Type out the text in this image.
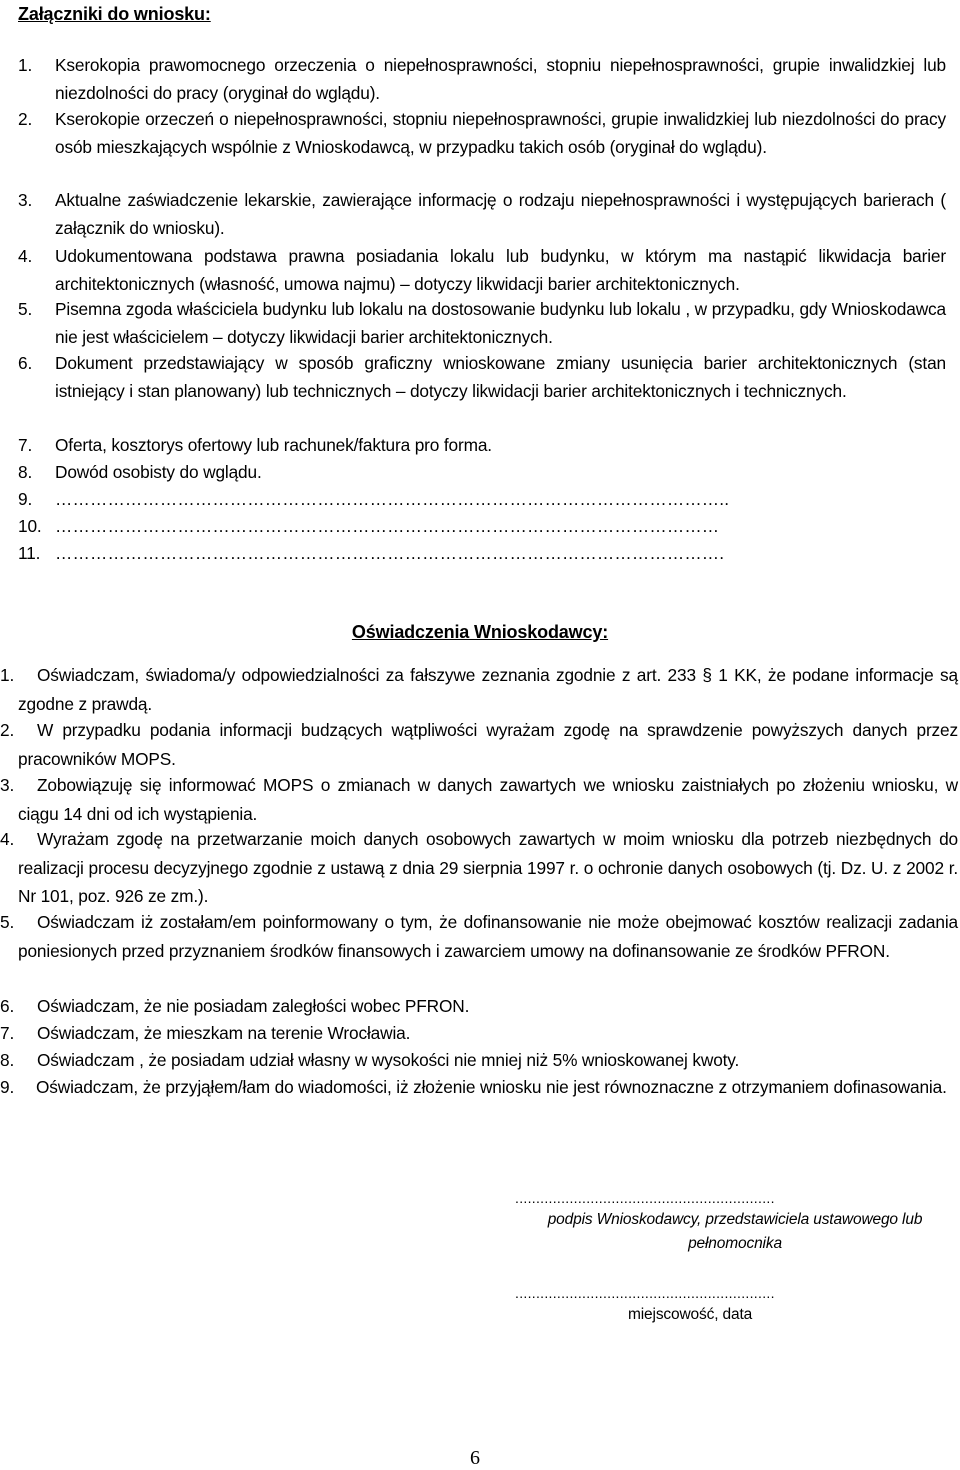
Załączniki do wniosku:
1.	Kserokopia prawomocnego orzeczenia o niepełnosprawności, stopniu niepełnosprawności, grupie inwalidzkiej lub niezdolności do pracy (oryginał do wglądu).
2.	Kserokopie orzeczeń o niepełnosprawności, stopniu niepełnosprawności, grupie inwalidzkiej lub niezdolności do pracy osób mieszkających wspólnie z Wnioskodawcą, w przypadku takich osób (oryginał do wglądu).
3.	Aktualne zaświadczenie lekarskie, zawierające informację o rodzaju niepełnosprawności i występujących barierach ( załącznik do wniosku).
4.	Udokumentowana podstawa prawna posiadania lokalu lub budynku, w którym ma nastąpić likwidacja barier architektonicznych (własność, umowa najmu) – dotyczy likwidacji barier architektonicznych.
5.	Pisemna zgoda właściciela budynku lub lokalu na dostosowanie budynku lub lokalu , w przypadku, gdy Wnioskodawca nie jest właścicielem – dotyczy likwidacji barier architektonicznych.
6.	Dokument przedstawiający w sposób graficzny wnioskowane zmiany usunięcia barier architektonicznych (stan istniejący i stan planowany) lub technicznych – dotyczy likwidacji barier architektonicznych i technicznych.
7.	Oferta, kosztorys ofertowy lub rachunek/faktura pro forma.
8.	Dowód osobisty do wglądu.
9.	……………………………………………………………………………………………………..
10. ……………………………………………………………………………………………………
11. …………………………………………………………………………………………………….
Oświadczenia Wnioskodawcy:
1.	Oświadczam, świadoma/y odpowiedzialności za fałszywe zeznania zgodnie z art. 233 § 1 KK, że podane informacje są zgodne z prawdą.
2.	W przypadku podania informacji budzących wątpliwości wyrażam zgodę na sprawdzenie powyższych danych przez pracowników MOPS.
3.	Zobowiązuję się informować MOPS o zmianach w danych zawartych we wniosku zaistniałych po złożeniu wniosku, w ciągu 14 dni od ich wystąpienia.
4.	Wyrażam zgodę na przetwarzanie moich danych osobowych zawartych w moim wniosku dla potrzeb niezbędnych do realizacji procesu decyzyjnego zgodnie z ustawą z dnia 29 sierpnia 1997 r. o ochronie danych osobowych (tj. Dz. U. z 2002 r. Nr 101, poz. 926 ze zm.).
5.	Oświadczam iż zostałam/em poinformowany o tym, że dofinansowanie nie może obejmować kosztów realizacji zadania poniesionych przed przyznaniem środków finansowych i zawarciem umowy na dofinansowanie ze środków PFRON.
6.	Oświadczam, że nie posiadam zaległości wobec PFRON.
7.	Oświadczam, że mieszkam na terenie Wrocławia.
8.	Oświadczam , że posiadam udział własny w wysokości nie mniej niż 5% wnioskowanej kwoty.
9.	Oświadczam, że przyjąłem/łam do wiadomości, iż złożenie wniosku nie jest równoznaczne z otrzymaniem dofinasowania.
..............................................................
podpis Wnioskodawcy, przedstawiciela ustawowego lub pełnomocnika
..............................................................
miejscowość, data
6
